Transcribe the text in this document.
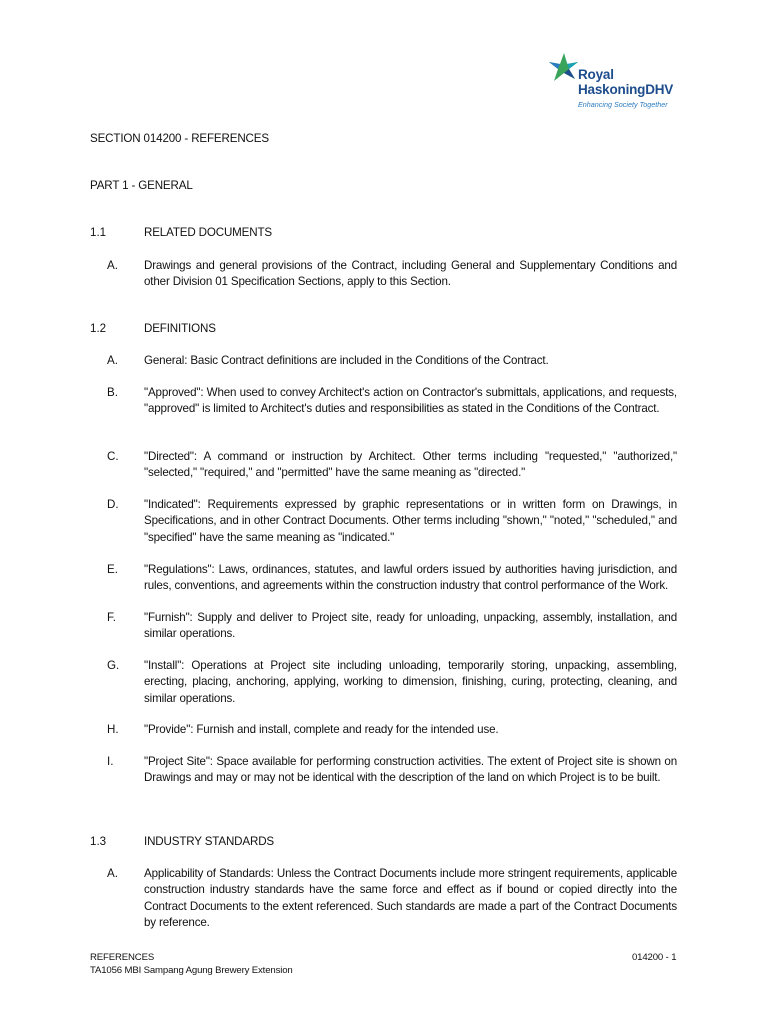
Royal
HaskoningDHV
Enhancing Society Together
SECTION 014200 - REFERENCES
PART 1 - GENERAL
1.1	RELATED DOCUMENTS
A. Drawings and general provisions of the Contract, including General and Supplementary Conditions and other Division 01 Specification Sections, apply to this Section.
1.2	DEFINITIONS
A. General: Basic Contract definitions are included in the Conditions of the Contract.
B. "Approved": When used to convey Architect's action on Contractor's submittals, applications, and requests, "approved" is limited to Architect's duties and responsibilities as stated in the Conditions of the Contract.
C. "Directed": A command or instruction by Architect. Other terms including "requested," "authorized," "selected," "required," and "permitted" have the same meaning as "directed."
D. "Indicated": Requirements expressed by graphic representations or in written form on Drawings, in Specifications, and in other Contract Documents. Other terms including "shown," "noted," "scheduled," and "specified" have the same meaning as "indicated."
E. "Regulations": Laws, ordinances, statutes, and lawful orders issued by authorities having jurisdiction, and rules, conventions, and agreements within the construction industry that control performance of the Work.
F. "Furnish": Supply and deliver to Project site, ready for unloading, unpacking, assembly, installation, and similar operations.
G. "Install": Operations at Project site including unloading, temporarily storing, unpacking, assembling, erecting, placing, anchoring, applying, working to dimension, finishing, curing, protecting, cleaning, and similar operations.
H. "Provide": Furnish and install, complete and ready for the intended use.
I.	"Project Site": Space available for performing construction activities. The extent of Project site is shown on Drawings and may or may not be identical with the description of the land on which Project is to be built.
1.3	INDUSTRY STANDARDS
A. Applicability of Standards: Unless the Contract Documents include more stringent requirements, applicable construction industry standards have the same force and effect as if bound or copied directly into the Contract Documents to the extent referenced. Such standards are made a part of the Contract Documents by reference.
REFERENCES
TA1056 MBI Sampang Agung Brewery Extension
014200 - 1
